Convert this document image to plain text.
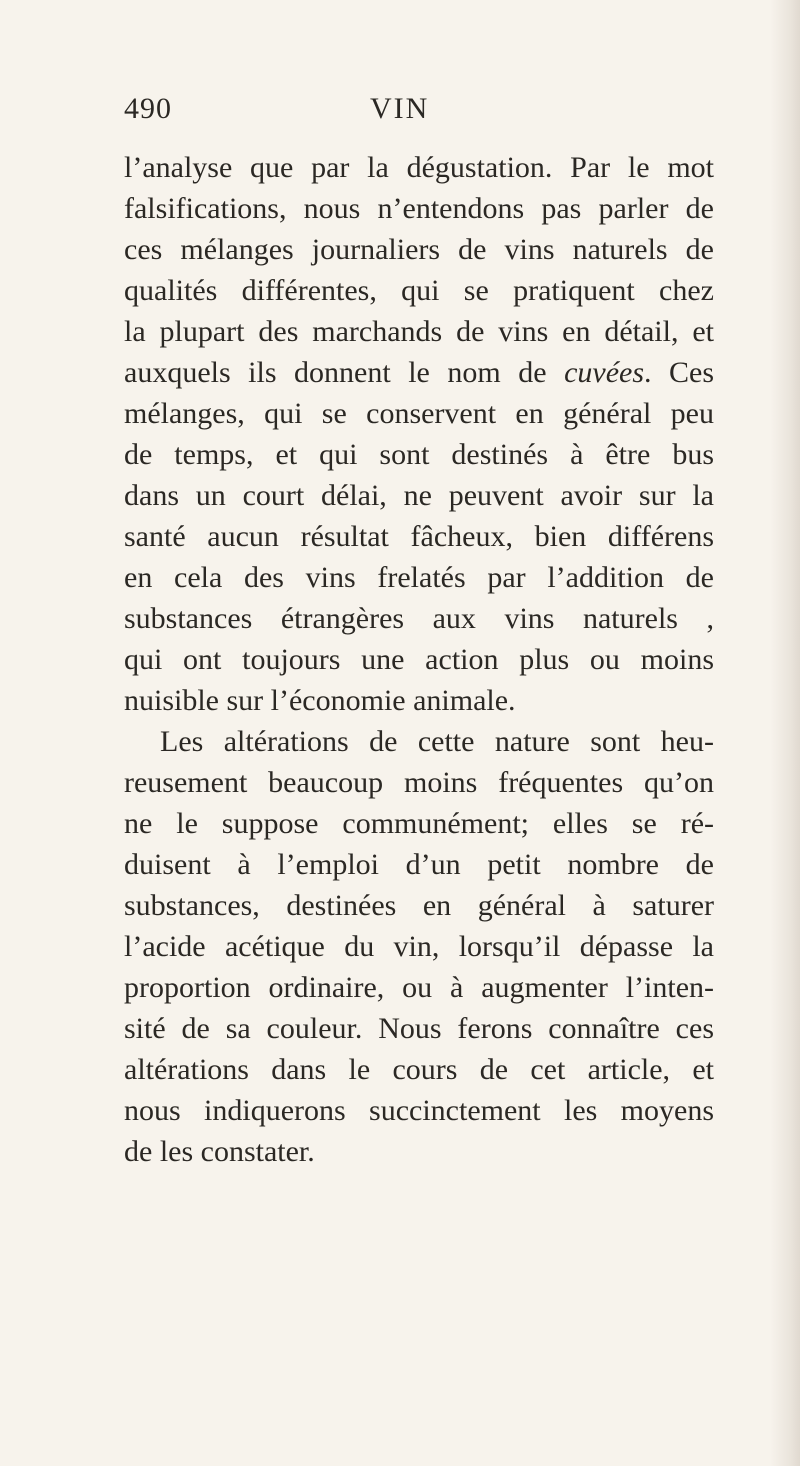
490	VIN
l’analyse que par la dégustation. Par le mot
falsifications, nous n’entendons pas parler de
ces mélanges journaliers de vins naturels de
qualités différentes, qui se pratiquent chez
la plupart des marchands de vins en détail, et
auxquels ils donnent le nom de cuvées. Ces
mélanges, qui se conservent en général peu
de temps, et qui sont destinés à être bus
dans un court délai, ne peuvent avoir sur la
santé aucun résultat fâcheux, bien différens
en cela des vins frelatés par l’addition de
substances étrangères aux vins naturels ,
qui ont toujours une action plus ou moins
nuisible sur l’économie animale.
Les altérations de cette nature sont heu-
reusement beaucoup moins fréquentes qu’on
ne le suppose communément; elles se ré-
duisent à l’emploi d’un petit nombre de
substances, destinées en général à saturer
l’acide acétique du vin, lorsqu’il dépasse la
proportion ordinaire, ou à augmenter l’inten-
sité de sa couleur. Nous ferons connaître ces
altérations dans le cours de cet article, et
nous indiquerons succinctement les moyens
de les constater.
